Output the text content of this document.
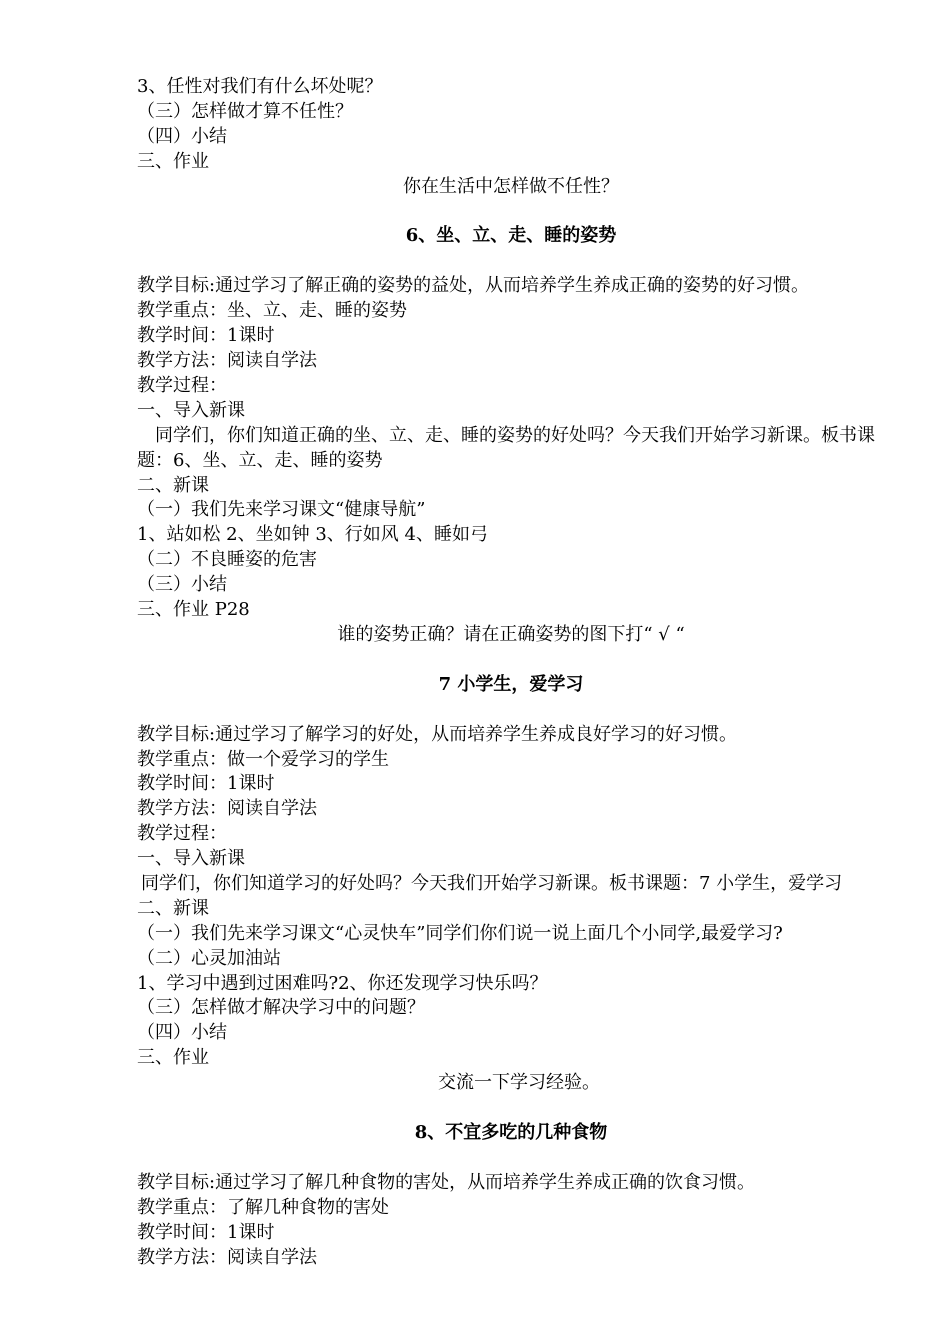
3、任性对我们有什么坏处呢？
（三）怎样做才算不任性？
（四）小结
三、作业
你在生活中怎样做不任性？
6、坐、立、走、睡的姿势
教学目标:通过学习了解正确的姿势的益处，从而培养学生养成正确的姿势的好习惯。
教学重点：坐、立、走、睡的姿势
教学时间：1课时
教学方法：阅读自学法
教学过程：
一、导入新课
同学们，你们知道正确的坐、立、走、睡的姿势的好处吗？今天我们开始学习新课。板书课题：6、坐、立、走、睡的姿势
二、新课
（一）我们先来学习课文“健康导航”
1、站如松 2、坐如钟 3、行如风 4、睡如弓
（二）不良睡姿的危害
（三）小结
三、作业 P28
谁的姿势正确？请在正确姿势的图下打“ √ “
7 小学生，爱学习
教学目标:通过学习了解学习的好处，从而培养学生养成良好学习的好习惯。
教学重点：做一个爱学习的学生
教学时间：1课时
教学方法：阅读自学法
教学过程：
一、导入新课
同学们，你们知道学习的好处吗？今天我们开始学习新课。板书课题：7 小学生，爱学习
二、新课
（一）我们先来学习课文“心灵快车”同学们你们说一说上面几个小同学,最爱学习?
（二）心灵加油站
1、学习中遇到过困难吗?2、你还发现学习快乐吗？
（三）怎样做才解决学习中的问题？
（四）小结
三、作业
交流一下学习经验。
8、不宜多吃的几种食物
教学目标:通过学习了解几种食物的害处，从而培养学生养成正确的饮食习惯。
教学重点：了解几种食物的害处
教学时间：1课时
教学方法：阅读自学法
